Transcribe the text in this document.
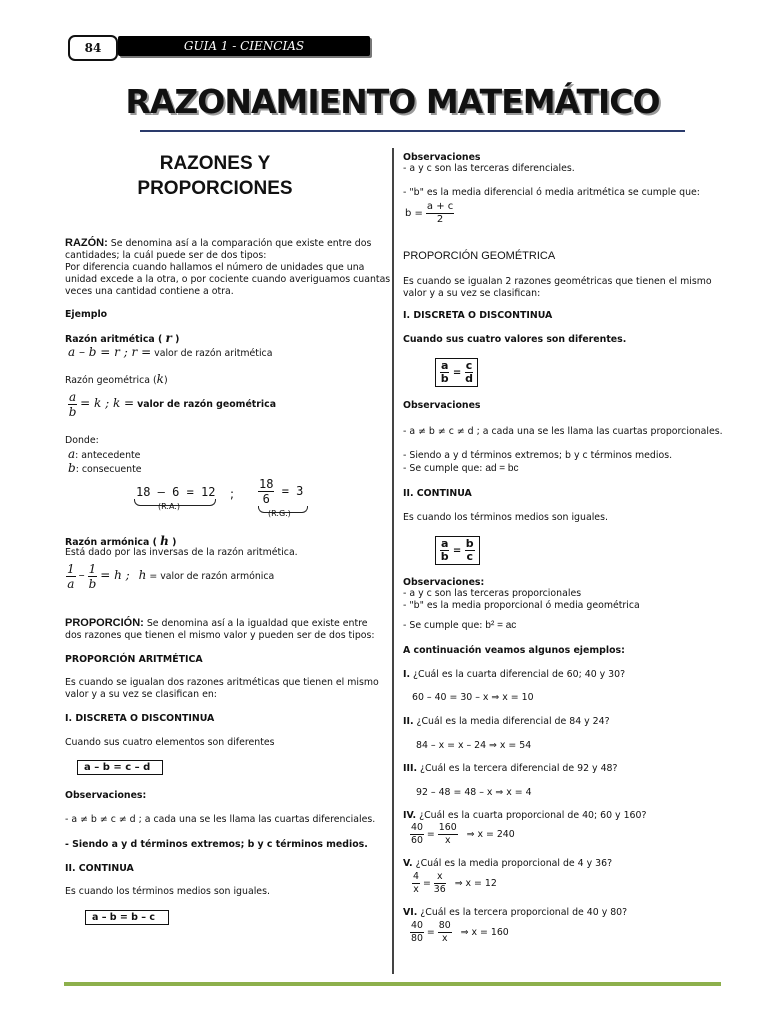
84	GUIA 1 - CIENCIAS
RAZONAMIENTO MATEMÁTICO
RAZONES Y
PROPORCIONES
RAZÓN: Se denomina así a la comparación que existe entre dos
cantidades; la cuál puede ser de dos tipos:
Por diferencia cuando hallamos el número de unidades que una
unidad excede a la otra, o por cociente cuando averiguamos cuantas
veces una cantidad contiene a otra.
Ejemplo
Razón aritmética ( r )
a – b = r ; r = valor de razón aritmética
Razón geométrica (k)
$\frac{a}{b} = k$ ; k = valor de razón geométrica
Donde:
a: antecedente
b: consecuente
18 – 6 = 12
(R.A.)
; $\frac{18}{6} = 3$
(R.G.)
Razón armónica ( h )
Está dado por las inversas de la razón aritmética.
$\frac{1}{a} - \frac{1}{b} = h$ ; h = valor de razón armónica
PROPORCIÓN: Se denomina así a la igualdad que existe entre
dos razones que tienen el mismo valor y pueden ser de dos tipos:
PROPORCIÓN ARITMÉTICA
Es cuando se igualan dos razones aritméticas que tienen el mismo
valor y a su vez se clasifican en:
I. DISCRETA O DISCONTINUA
Cuando sus cuatro elementos son diferentes
a – b = c – d
Observaciones:
- a ≠ b ≠ c ≠ d ; a cada una se les llama las cuartas diferenciales.
- Siendo a y d términos extremos; b y c términos medios.
II. CONTINUA
Es cuando los términos medios son iguales.
a – b = b – c
Observaciones
- a y c son las terceras diferenciales.
- "b" es la media diferencial ó media aritmética se cumple que:
$b = \frac{a + c}{2}$
PROPORCIÓN GEOMÉTRICA
Es cuando se igualan 2 razones geométricas que tienen el mismo
valor y a su vez se clasifican:
I. DISCRETA O DISCONTINUA
Cuando sus cuatro valores son diferentes.
$\frac{a}{b} = \frac{c}{d}$
Observaciones
- a ≠ b ≠ c ≠ d ; a cada una se les llama las cuartas proporcionales.
- Siendo a y d términos extremos; b y c términos medios.
- Se cumple que: ad = bc
II. CONTINUA
Es cuando los términos medios son iguales.
$\frac{a}{b} = \frac{b}{c}$
Observaciones:
- a y c son las terceras proporcionales
- "b" es la media proporcional ó media geométrica
- Se cumple que: b² = ac
A continuación veamos algunos ejemplos:
I. ¿Cuál es la cuarta diferencial de 60; 40 y 30?
60 – 40 = 30 – x ⇒ x = 10
II. ¿Cuál es la media diferencial de 84 y 24?
84 – x = x – 24 ⇒ x = 54
III. ¿Cuál es la tercera diferencial de 92 y 48?
92 – 48 = 48 – x ⇒ x = 4
IV. ¿Cuál es la cuarta proporcional de 40; 60 y 160?
$\frac{40}{60} = \frac{160}{x}$ ⇒ x = 240
V. ¿Cuál es la media proporcional de 4 y 36?
$\frac{4}{x} = \frac{x}{36}$ ⇒ x = 12
VI. ¿Cuál es la tercera proporcional de 40 y 80?
$\frac{40}{80} = \frac{80}{x}$ ⇒ x = 160
